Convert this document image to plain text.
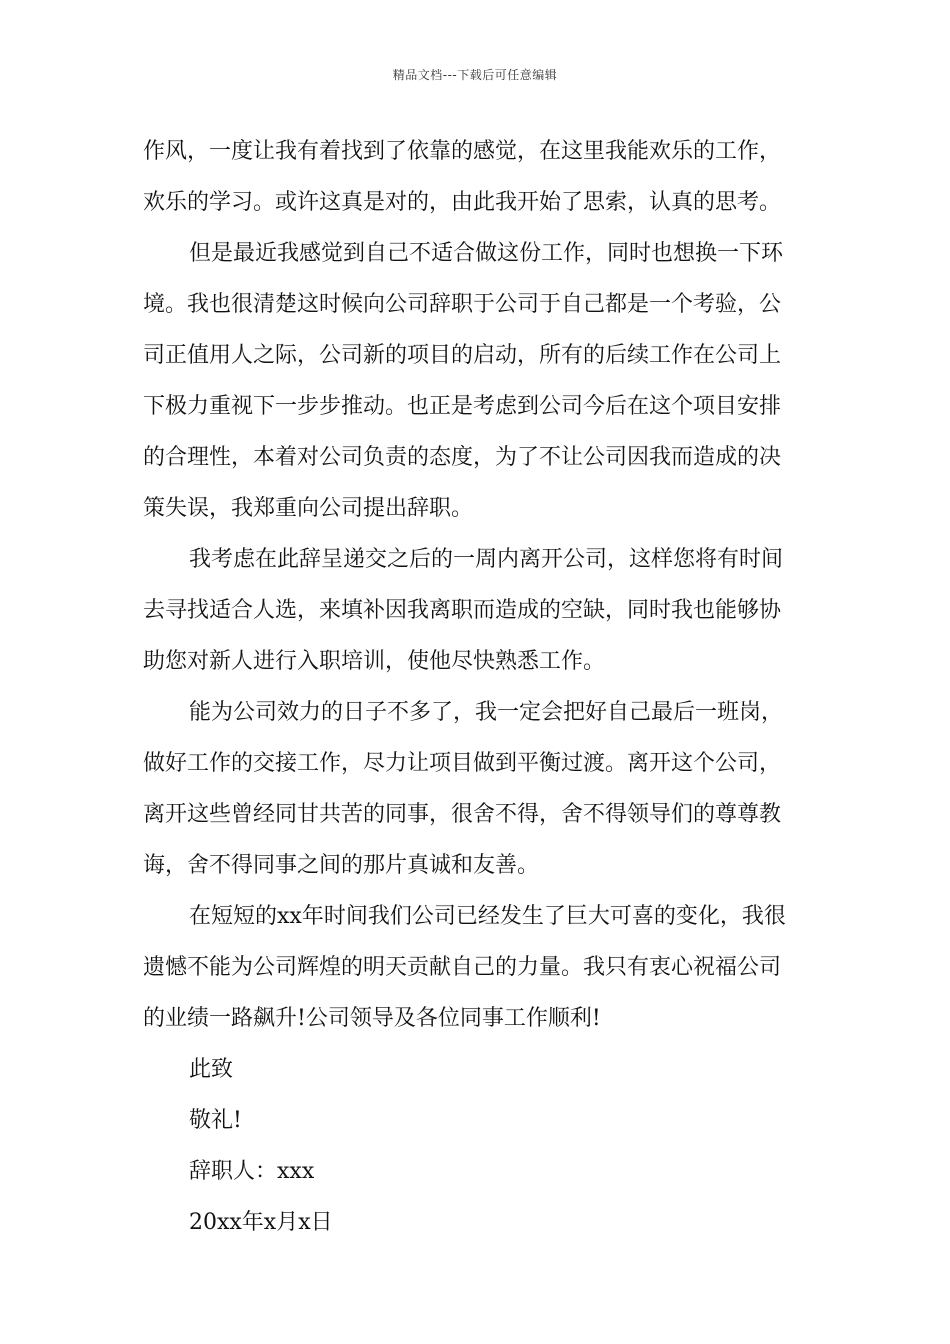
精品文档---下载后可任意编辑
作风，一度让我有着找到了依靠的感觉，在这里我能欢乐的工作，
欢乐的学习。或许这真是对的，由此我开始了思索，认真的思考。
但是最近我感觉到自己不适合做这份工作，同时也想换一下环
境。我也很清楚这时候向公司辞职于公司于自己都是一个考验，公
司正值用人之际，公司新的项目的启动，所有的后续工作在公司上
下极力重视下一步步推动。也正是考虑到公司今后在这个项目安排
的合理性，本着对公司负责的态度，为了不让公司因我而造成的决
策失误，我郑重向公司提出辞职。
我考虑在此辞呈递交之后的一周内离开公司，这样您将有时间
去寻找适合人选，来填补因我离职而造成的空缺，同时我也能够协
助您对新人进行入职培训，使他尽快熟悉工作。
能为公司效力的日子不多了，我一定会把好自己最后一班岗，
做好工作的交接工作，尽力让项目做到平衡过渡。离开这个公司，
离开这些曾经同甘共苦的同事，很舍不得，舍不得领导们的尊尊教
诲，舍不得同事之间的那片真诚和友善。
在短短的xx年时间我们公司已经发生了巨大可喜的变化，我很
遗憾不能为公司辉煌的明天贡献自己的力量。我只有衷心祝福公司
的业绩一路飙升!公司领导及各位同事工作顺利!
此致
敬礼!
辞职人：xxx
20xx年x月x日
